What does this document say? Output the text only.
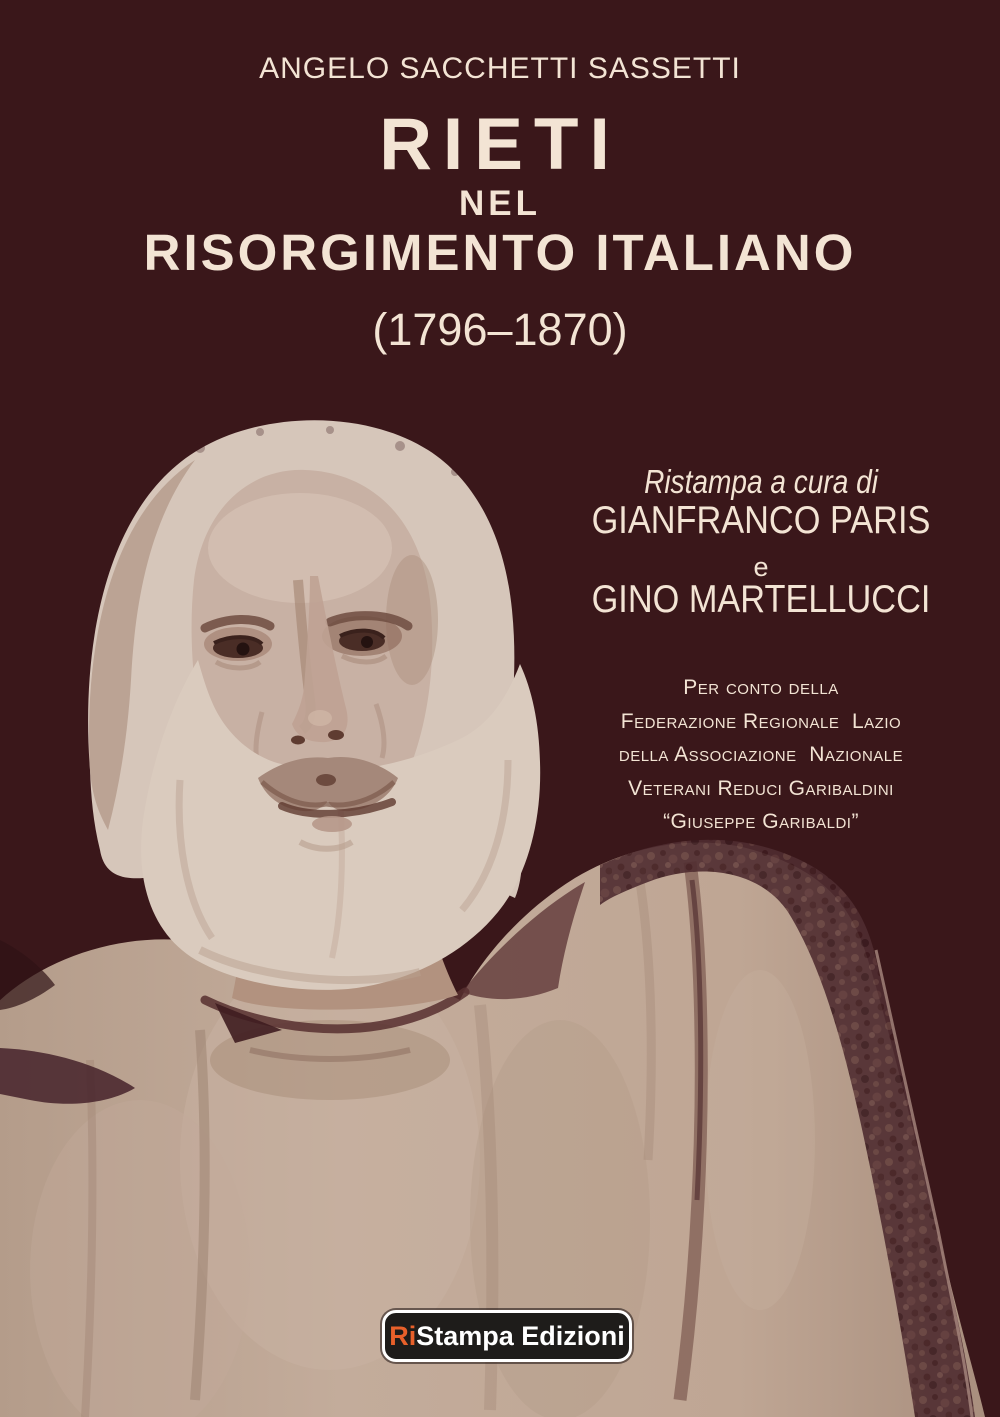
ANGELO SACCHETTI SASSETTI
RIETI
NEL
RISORGIMENTO ITALIANO
(1796–1870)
Ristampa a cura di
GIANFRANCO PARIS
e
GINO MARTELLUCCI
Per conto della
Federazione Regionale  Lazio
della Associazione  Nazionale
Veterani Reduci Garibaldini
“Giuseppe Garibaldi”
Ri Stampa Edizioni
